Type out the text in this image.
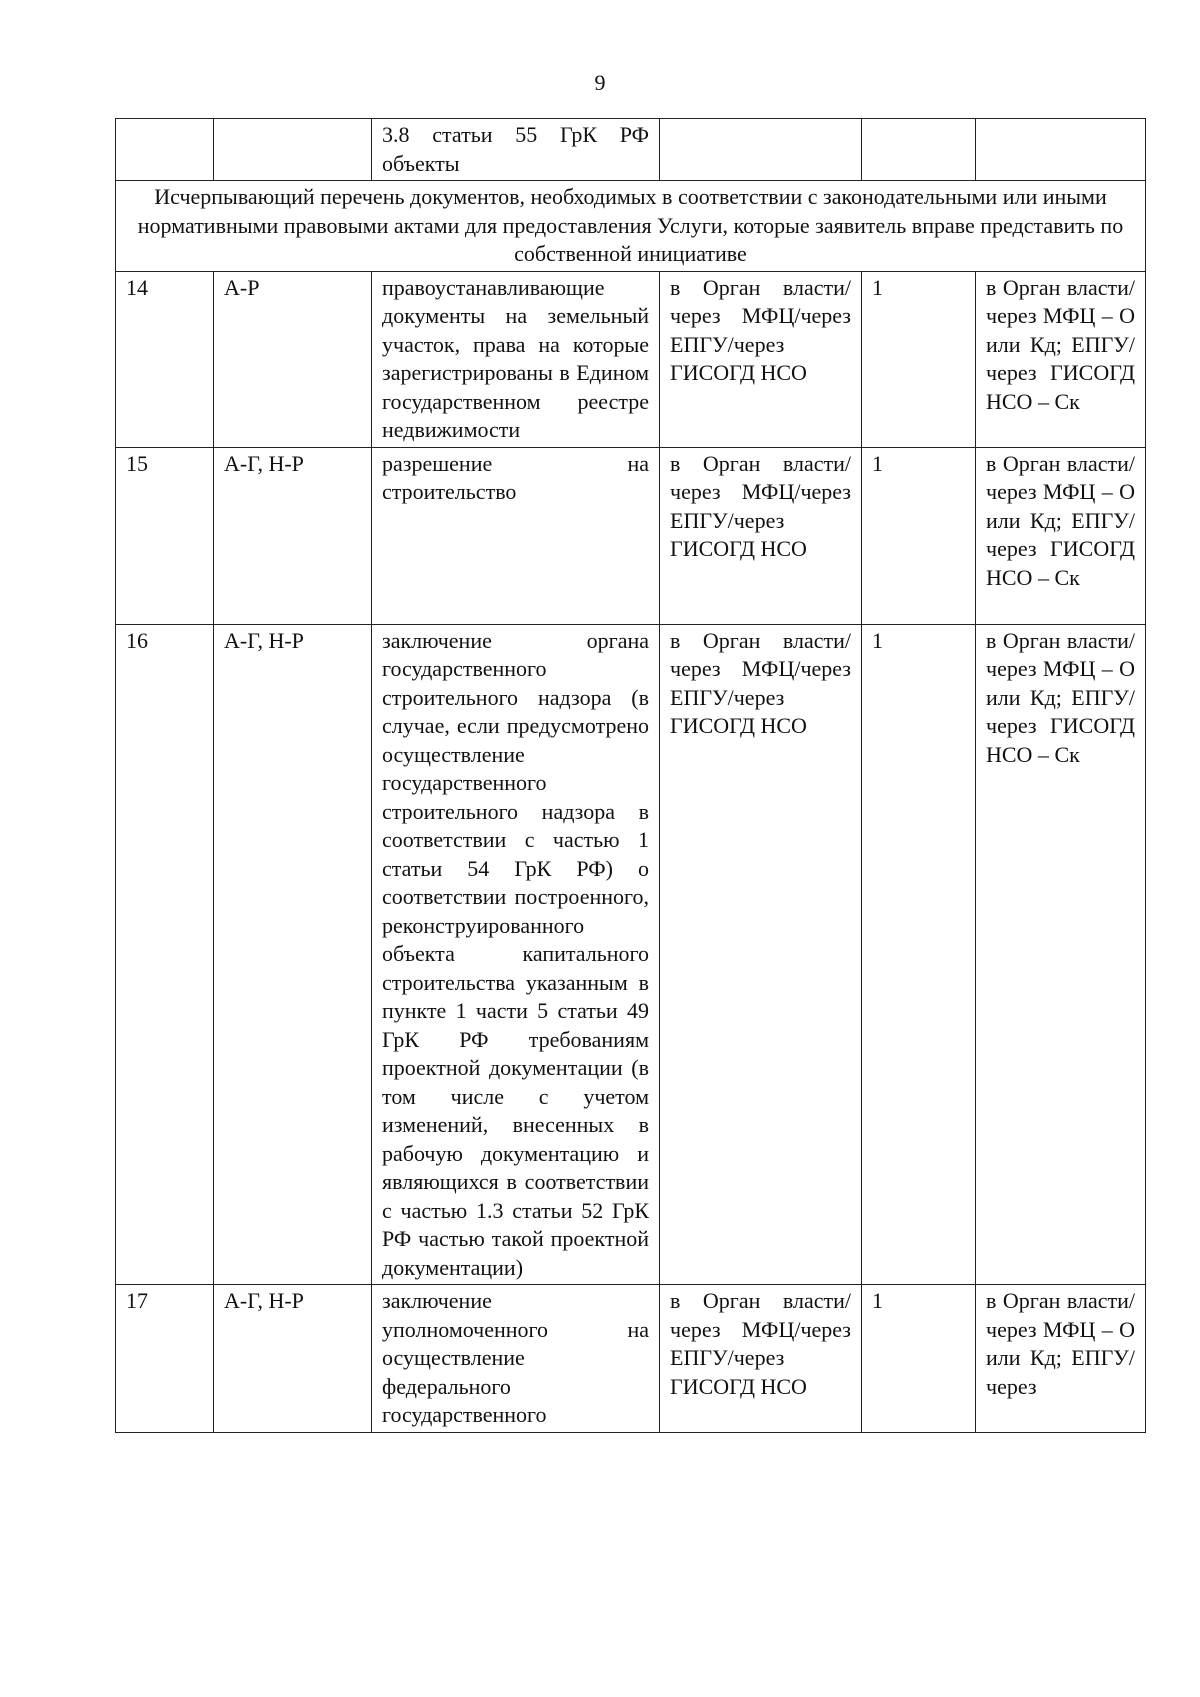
9
		3.8 статьи 55 ГрК РФ объекты			
Исчерпывающий перечень документов, необходимых в соответствии с законодательными или иными нормативными правовыми актами для предоставления Услуги, которые заявитель вправе представить по собственной инициативе					
14	А-Р	правоустанавливающие документы на земельный участок, права на которые зарегистрированы в Едином государственном реестре недвижимости	в Орган власти/через МФЦ/через ЕПГУ/через ГИСОГД НСО	1	в Орган власти/через МФЦ – О или Кд; ЕПГУ/через ГИСОГД НСО – Ск
15	А-Г, Н-Р	разрешение на строительство	в Орган власти/через МФЦ/через ЕПГУ/через ГИСОГД НСО	1	в Орган власти/через МФЦ – О или Кд; ЕПГУ/через ГИСОГД НСО – Ск
16	А-Г, Н-Р	заключение органа государственного строительного надзора (в случае, если предусмотрено осуществление государственного строительного надзора в соответствии с частью 1 статьи 54 ГрК РФ) о соответствии построенного, реконструированного объекта капитального строительства указанным в пункте 1 части 5 статьи 49 ГрК РФ требованиям проектной документации (в том числе с учетом изменений, внесенных в рабочую документацию и являющихся в соответствии с частью 1.3 статьи 52 ГрК РФ частью такой проектной документации)	в Орган власти/через МФЦ/через ЕПГУ/через ГИСОГД НСО	1	в Орган власти/через МФЦ – О или Кд; ЕПГУ/через ГИСОГД НСО – Ск
17	А-Г, Н-Р	заключение уполномоченного на осуществление федерального государственного	в Орган власти/через МФЦ/через ЕПГУ/через ГИСОГД НСО	1	в Орган власти/через МФЦ – О или Кд; ЕПГУ/через
